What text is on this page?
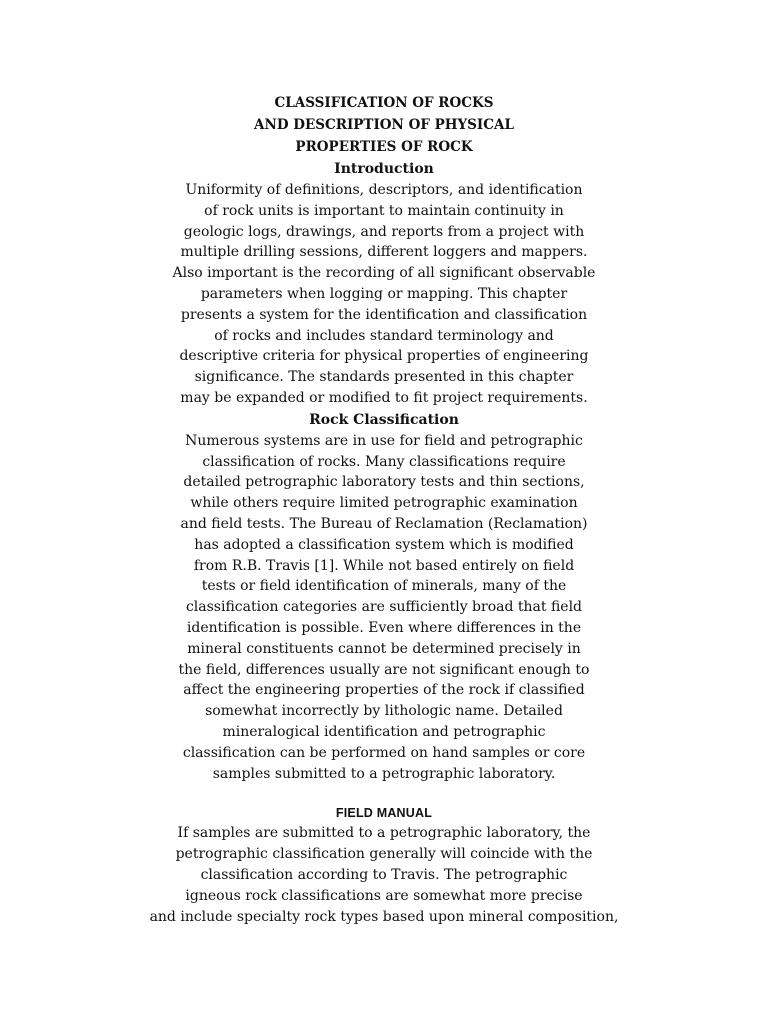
CLASSIFICATION OF ROCKS
AND DESCRIPTION OF PHYSICAL
PROPERTIES OF ROCK
Introduction
Uniformity of definitions, descriptors, and identification
of rock units is important to maintain continuity in
geologic logs, drawings, and reports from a project with
multiple drilling sessions, different loggers and mappers.
Also important is the recording of all significant observable
parameters when logging or mapping. This chapter
presents a system for the identification and classification
of rocks and includes standard terminology and
descriptive criteria for physical properties of engineering
significance. The standards presented in this chapter
may be expanded or modified to fit project requirements.
Rock Classification
Numerous systems are in use for field and petrographic
classification of rocks. Many classifications require
detailed petrographic laboratory tests and thin sections,
while others require limited petrographic examination
and field tests. The Bureau of Reclamation (Reclamation)
has adopted a classification system which is modified
from R.B. Travis [1]. While not based entirely on field
tests or field identification of minerals, many of the
classification categories are sufficiently broad that field
identification is possible. Even where differences in the
mineral constituents cannot be determined precisely in
the field, differences usually are not significant enough to
affect the engineering properties of the rock if classified
somewhat incorrectly by lithologic name. Detailed
mineralogical identification and petrographic
classification can be performed on hand samples or core
samples submitted to a petrographic laboratory.
FIELD MANUAL
If samples are submitted to a petrographic laboratory, the
petrographic classification generally will coincide with the
classification according to Travis. The petrographic
igneous rock classifications are somewhat more precise
and include specialty rock types based upon mineral composition,
